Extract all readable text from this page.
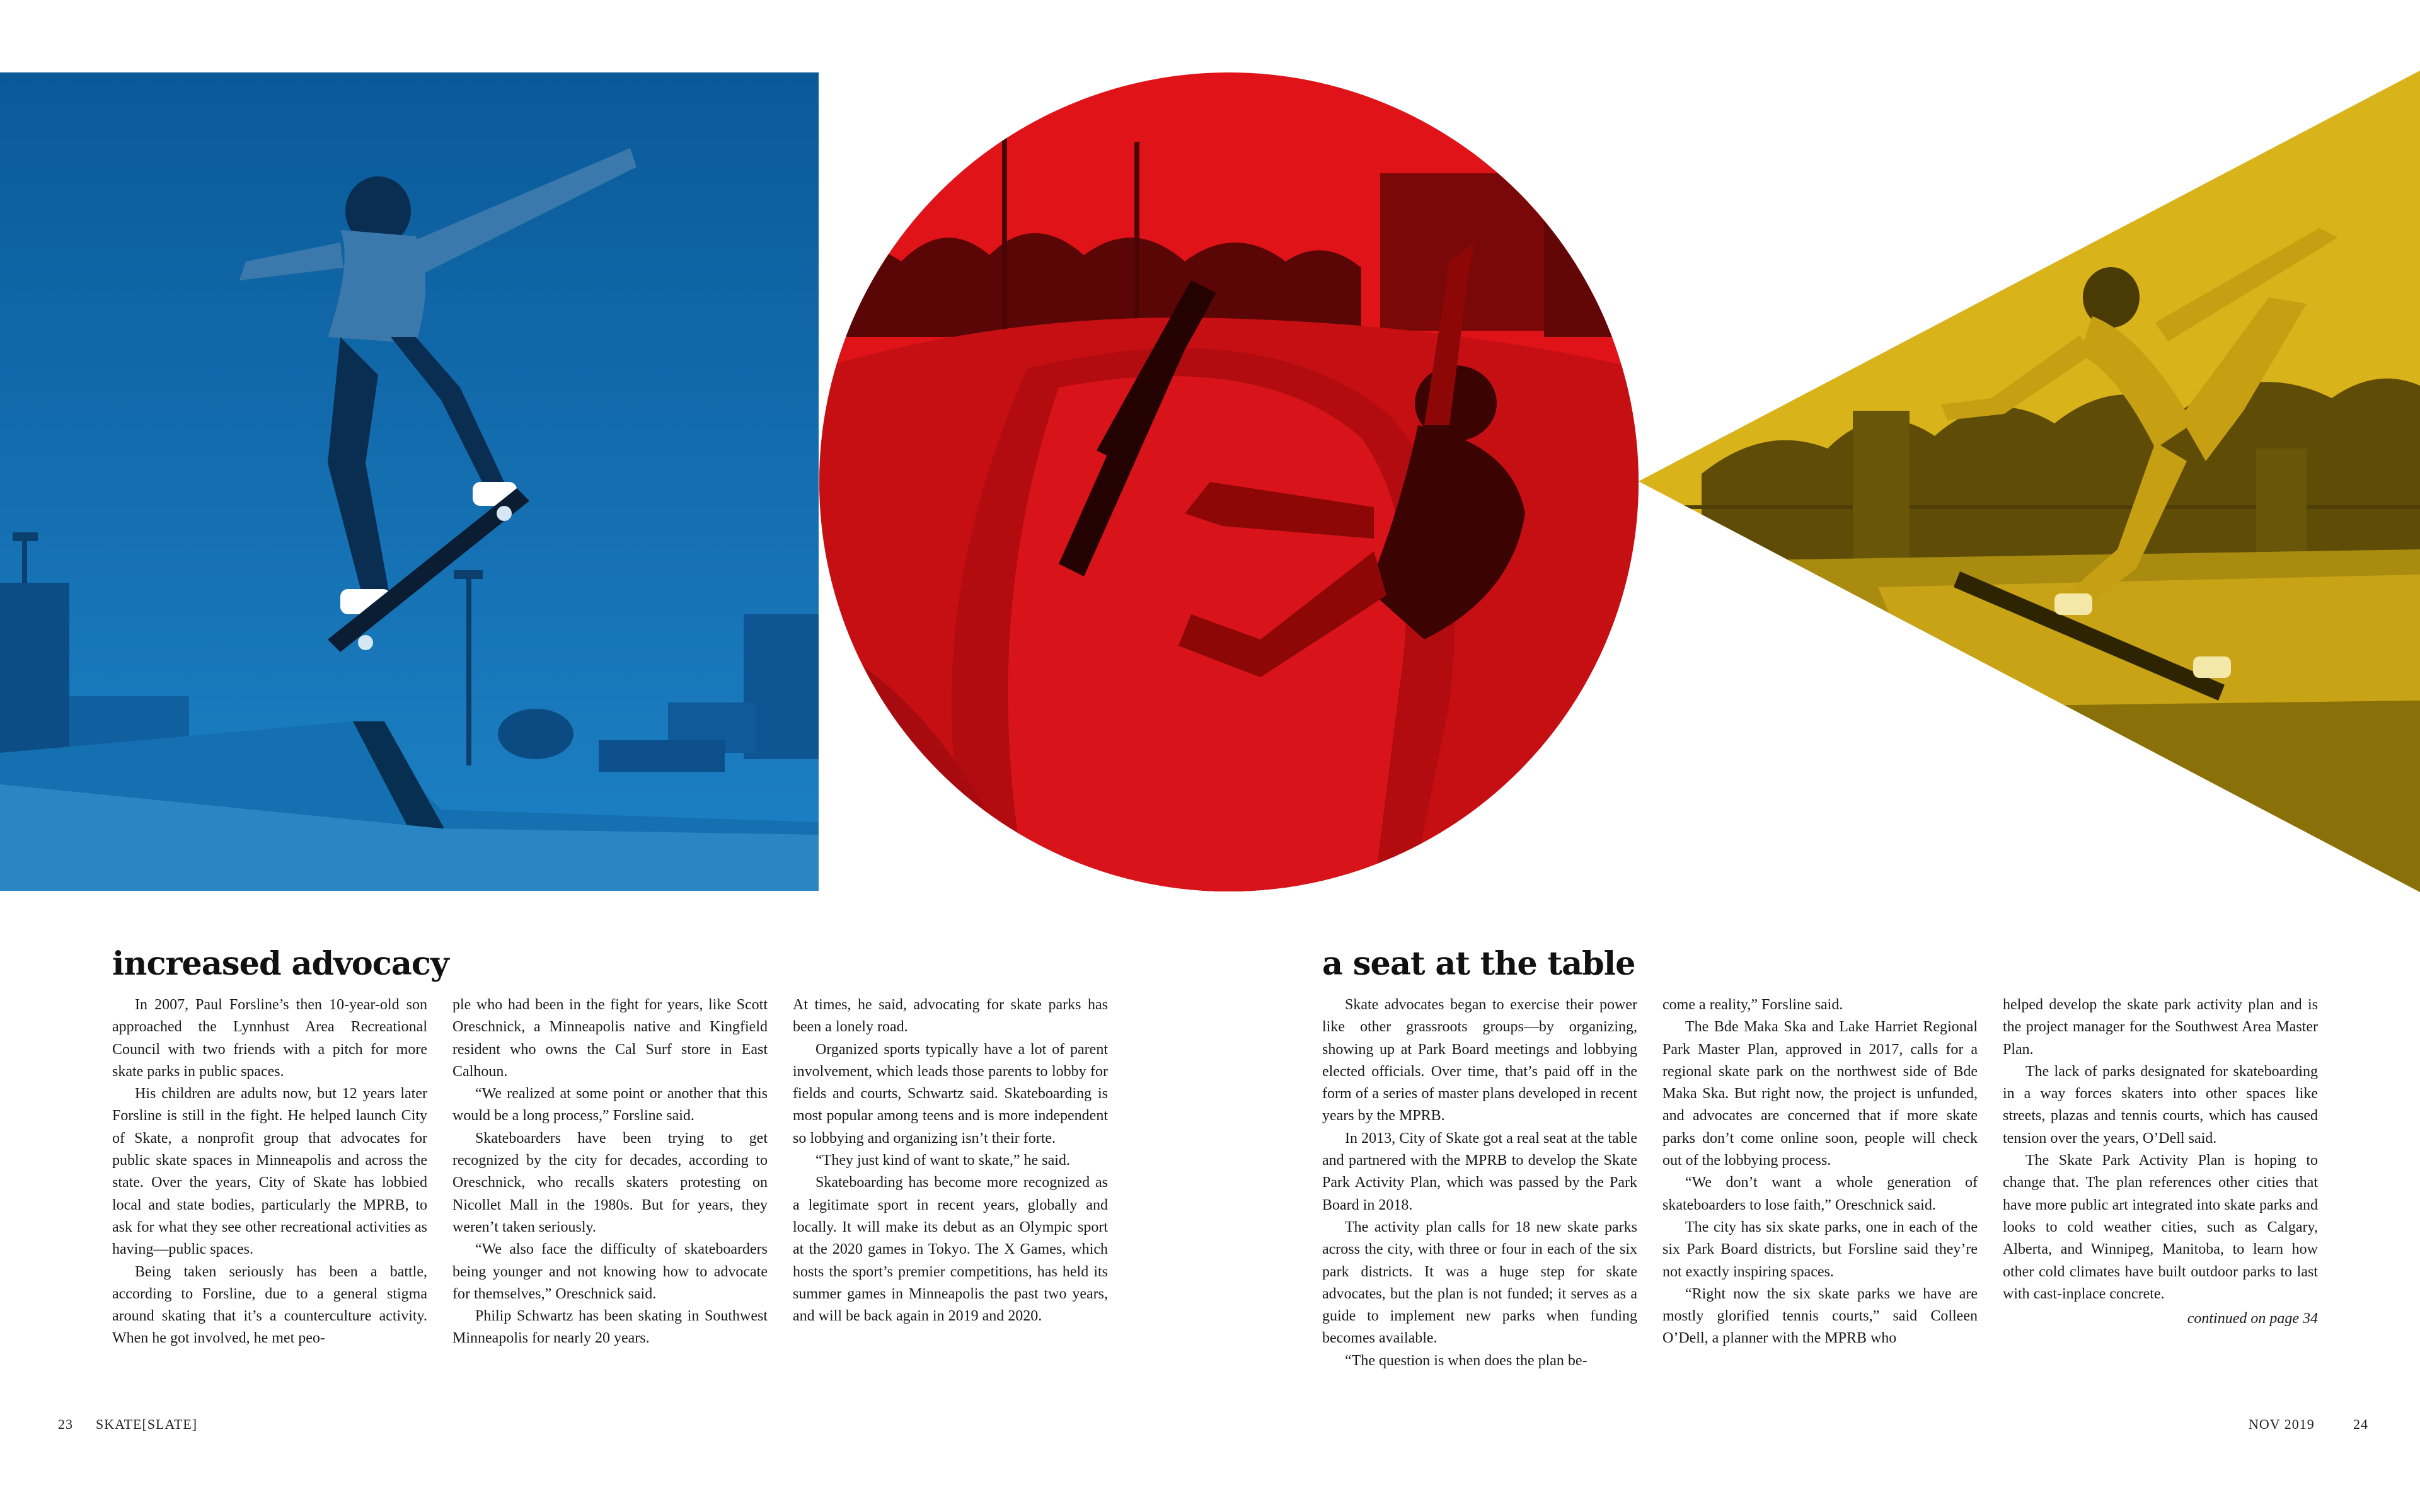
increased advocacy

In 2007, Paul Forsline’s then 10-year-old son approached the Lynnhust Area Recreational Council with two friends with a pitch for more skate parks in public spaces.

His children are adults now, but 12 years later Forsline is still in the fight. He helped launch City of Skate, a nonprofit group that advocates for public skate spaces in Minneapolis and across the state. Over the years, City of Skate has lobbied local and state bodies, particularly the MPRB, to ask for what they see other recreational activities as having—public spaces.

Being taken seriously has been a battle, according to Forsline, due to a general stigma around skating that it’s a counterculture activity. When he got involved, he met peo-

ple who had been in the fight for years, like Scott Oreschnick, a Minneapolis native and Kingfield resident who owns the Cal Surf store in East Calhoun.

“We realized at some point or another that this would be a long process,” Forsline said.

Skateboarders have been trying to get recognized by the city for decades, according to Oreschnick, who recalls skaters protesting on Nicollet Mall in the 1980s. But for years, they weren’t taken seriously.

“We also face the difficulty of skateboarders being younger and not knowing how to advocate for themselves,” Oreschnick said.

Philip Schwartz has been skating in Southwest Minneapolis for nearly 20 years.

At times, he said, advocating for skate parks has been a lonely road.

Organized sports typically have a lot of parent involvement, which leads those parents to lobby for fields and courts, Schwartz said. Skateboarding is most popular among teens and is more independent so lobbying and organizing isn’t their forte.

“They just kind of want to skate,” he said.

Skateboarding has become more recognized as a legitimate sport in recent years, globally and locally. It will make its debut as an Olympic sport at the 2020 games in Tokyo. The X Games, which hosts the sport’s premier competitions, has held its summer games in Minneapolis the past two years, and will be back again in 2019 and 2020.

a seat at the table

Skate advocates began to exercise their power like other grassroots groups—by organizing, showing up at Park Board meetings and lobbying elected officials. Over time, that’s paid off in the form of a series of master plans developed in recent years by the MPRB.

In 2013, City of Skate got a real seat at the table and partnered with the MPRB to develop the Skate Park Activity Plan, which was passed by the Park Board in 2018.

The activity plan calls for 18 new skate parks across the city, with three or four in each of the six park districts. It was a huge step for skate advocates, but the plan is not funded; it serves as a guide to implement new parks when funding becomes available.

“The question is when does the plan be-

come a reality,” Forsline said.

The Bde Maka Ska and Lake Harriet Regional Park Master Plan, approved in 2017, calls for a regional skate park on the northwest side of Bde Maka Ska. But right now, the project is unfunded, and advocates are concerned that if more skate parks don’t come online soon, people will check out of the lobbying process.

“We don’t want a whole generation of skateboarders to lose faith,” Oreschnick said.

The city has six skate parks, one in each of the six Park Board districts, but Forsline said they’re not exactly inspiring spaces.

“Right now the six skate parks we have are mostly glorified tennis courts,” said Colleen O’Dell, a planner with the MPRB who

helped develop the skate park activity plan and is the project manager for the Southwest Area Master Plan.

The lack of parks designated for skateboarding in a way forces skaters into other spaces like streets, plazas and tennis courts, which has caused tension over the years, O’Dell said.

The Skate Park Activity Plan is hoping to change that. The plan references other cities that have more public art integrated into skate parks and looks to cold weather cities, such as Calgary, Alberta, and Winnipeg, Manitoba, to learn how other cold climates have built outdoor parks to last with cast-inplace concrete.

continued on page 34

23 SKATE[SLATE]	NOV 2019	24
